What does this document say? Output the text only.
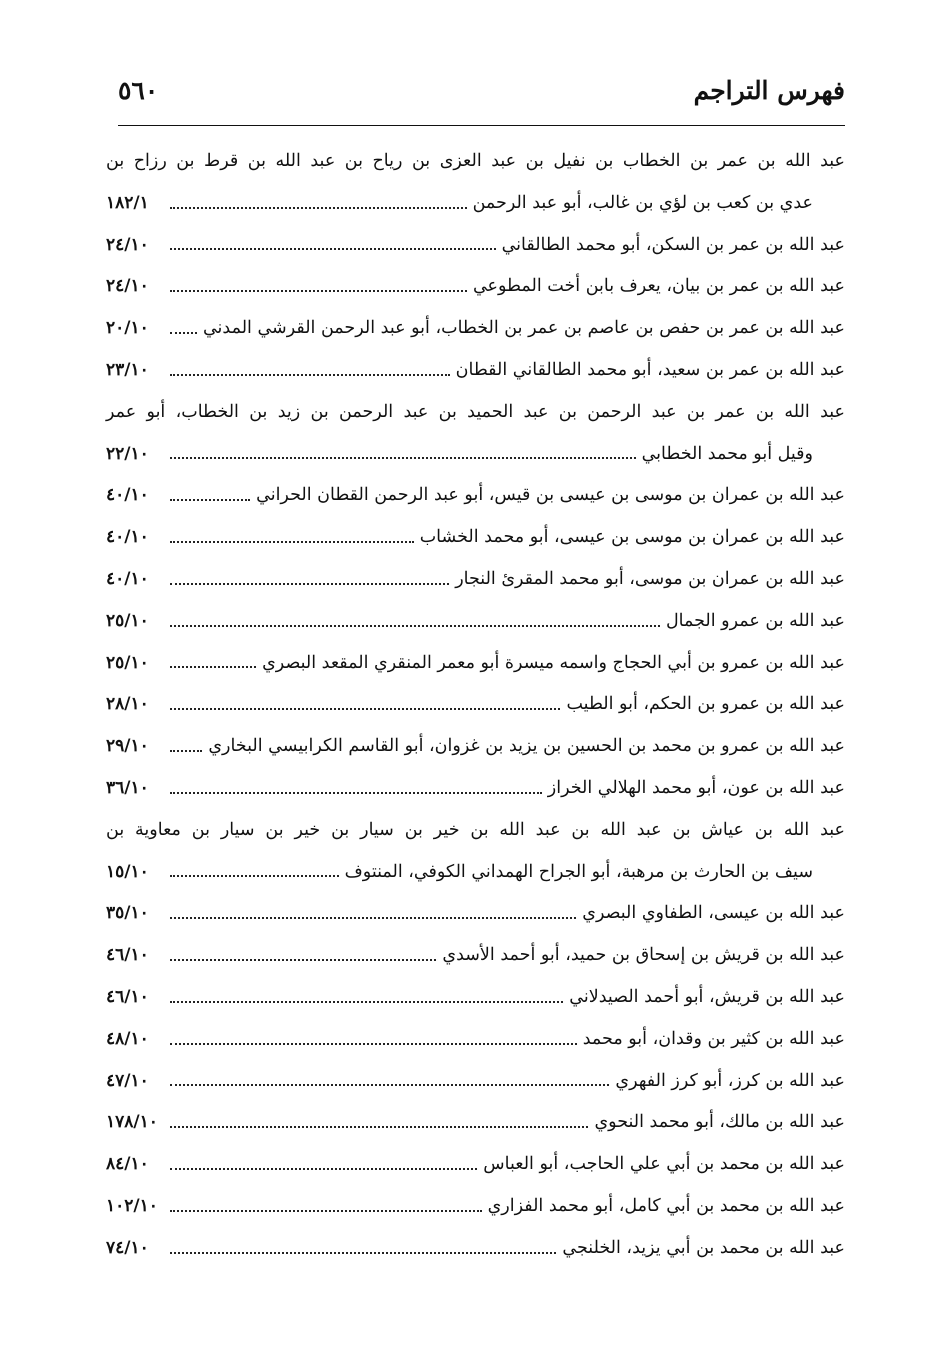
فهرس التراجم
٥٦٠
عبد الله بن عمر بن الخطاب بن نفيل بن عبد العزى بن رياح بن عبد الله بن قرط بن رزاح بن
عدي بن كعب بن لؤي بن غالب، أبو عبد الرحمن
١٨٢/١
عبد الله بن عمر بن السكن، أبو محمد الطالقاني
٢٤/١٠
عبد الله بن عمر بن بيان، يعرف بابن أخت المطوعي
٢٤/١٠
عبد الله بن عمر بن حفص بن عاصم بن عمر بن الخطاب، أبو عبد الرحمن القرشي المدني
٢٠/١٠
عبد الله بن عمر بن سعيد، أبو محمد الطالقاني القطان
٢٣/١٠
عبد الله بن عمر بن عبد الرحمن بن عبد الحميد بن عبد الرحمن بن زيد بن الخطاب، أبو عمر
وقيل أبو محمد الخطابي
٢٢/١٠
عبد الله بن عمران بن موسى بن عيسى بن قيس، أبو عبد الرحمن القطان الحراني
٤٠/١٠
عبد الله بن عمران بن موسى بن عيسى، أبو محمد الخشاب
٤٠/١٠
عبد الله بن عمران بن موسى، أبو محمد المقرئ النجار
٤٠/١٠
عبد الله بن عمرو الجمال
٢٥/١٠
عبد الله بن عمرو بن أبي الحجاج واسمه ميسرة أبو معمر المنقري المقعد البصري
٢٥/١٠
عبد الله بن عمرو بن الحكم، أبو الطيب
٢٨/١٠
عبد الله بن عمرو بن محمد بن الحسين بن يزيد بن غزوان، أبو القاسم الكرابيسي البخاري
٢٩/١٠
عبد الله بن عون، أبو محمد الهلالي الخراز
٣٦/١٠
عبد الله بن عياش بن عبد الله بن عبد الله بن خير بن سيار بن خير بن سيار بن معاوية بن
سيف بن الحارث بن مرهبة، أبو الجراح الهمداني الكوفي، المنتوف
١٥/١٠
عبد الله بن عيسى، الطفاوي البصري
٣٥/١٠
عبد الله بن قريش بن إسحاق بن حميد، أبو أحمد الأسدي
٤٦/١٠
عبد الله بن قريش، أبو أحمد الصيدلاني
٤٦/١٠
عبد الله بن كثير بن وقدان، أبو محمد
٤٨/١٠
عبد الله بن كرز، أبو كرز الفهري
٤٧/١٠
عبد الله بن مالك، أبو محمد النحوي
١٧٨/١٠
عبد الله بن محمد بن أبي علي الحاجب، أبو العباس
٨٤/١٠
عبد الله بن محمد بن أبي كامل، أبو محمد الفزاري
١٠٢/١٠
عبد الله بن محمد بن أبي يزيد، الخلنجي
٧٤/١٠
